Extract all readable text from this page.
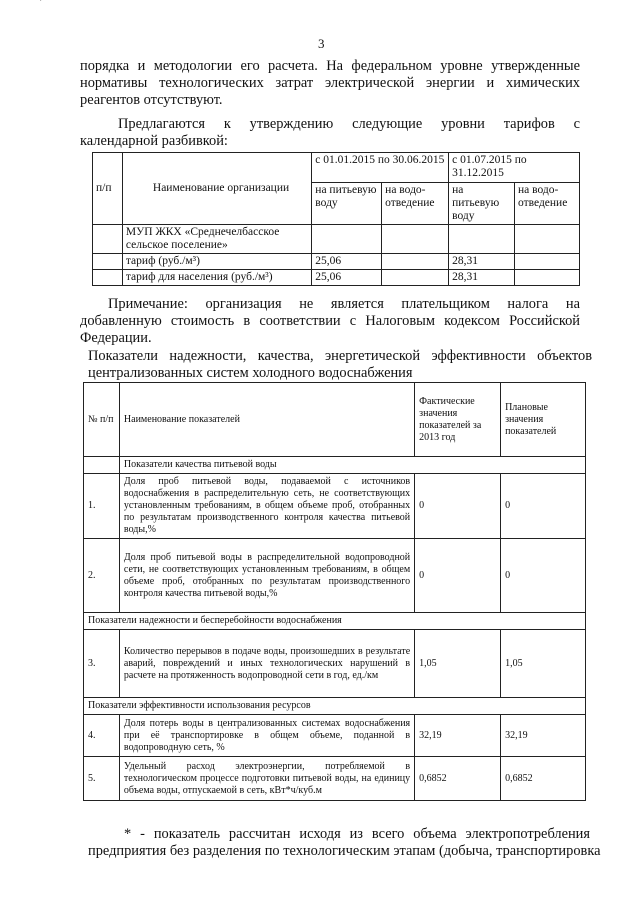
3
порядка и методологии его расчета. На федеральном уровне утвержденные
нормативы технологических затрат электрической энергии и химических
реагентов отсутствуют.
Предлагаются к утверждению следующие уровни тарифов с
календарной разбивкой:
п/п	Наименование организации	с 01.01.2015 по 30.06.2015		с 01.07.2015 по 31.12.2015	
		на питьевую воду	на водо- отведение	на питьевую воду	на водо- отведение
	МУП ЖКХ «Среднечелбасское сельское поселение»				
	тариф (руб./м³)	25,06		28,31	
	тариф для населения (руб./м³)	25,06		28,31	
Примечание: организация не является плательщиком налога на
добавленную стоимость в соответствии с Налоговым кодексом Российской
Федерации.
Показатели надежности, качества, энергетической эффективности объектов
централизованных систем холодного водоснабжения
№ п/п	Наименование показателей	Фактические значения показателей за 2013 год	Плановые значения показателей
	Показатели качества питьевой воды		
1.	Доля проб питьевой воды, подаваемой с источников водоснабжения в распределительную сеть, не соответствующих установленным требованиям, в общем объеме проб, отобранных по результатам производственного контроля качества питьевой воды,%	0	0
2.	Доля проб питьевой воды в распределительной водопроводной сети, не соответствующих установленным требованиям, в общем объеме проб, отобранных по результатам производственного контроля качества питьевой воды,%	0	0
Показатели надежности и бесперебойности водоснабжения			
3.	Количество перерывов в подаче воды, произошедших в результате аварий, повреждений и иных технологических нарушений в расчете на протяженность водопроводной сети в год, ед./км	1,05	1,05
Показатели эффективности использования ресурсов			
4.	Доля потерь воды в централизованных системах водоснабжения при её транспортировке в общем объеме, поданной в водопроводную сеть, %	32,19	32,19
5.	Удельный расход электроэнергии, потребляемой в технологическом процессе подготовки питьевой воды, на единицу объема воды, отпускаемой в сеть, кВт*ч/куб.м	0,6852	0,6852
* - показатель рассчитан исходя из всего объема электропотребления
предприятия без разделения по технологическим этапам (добыча, транспортировка
